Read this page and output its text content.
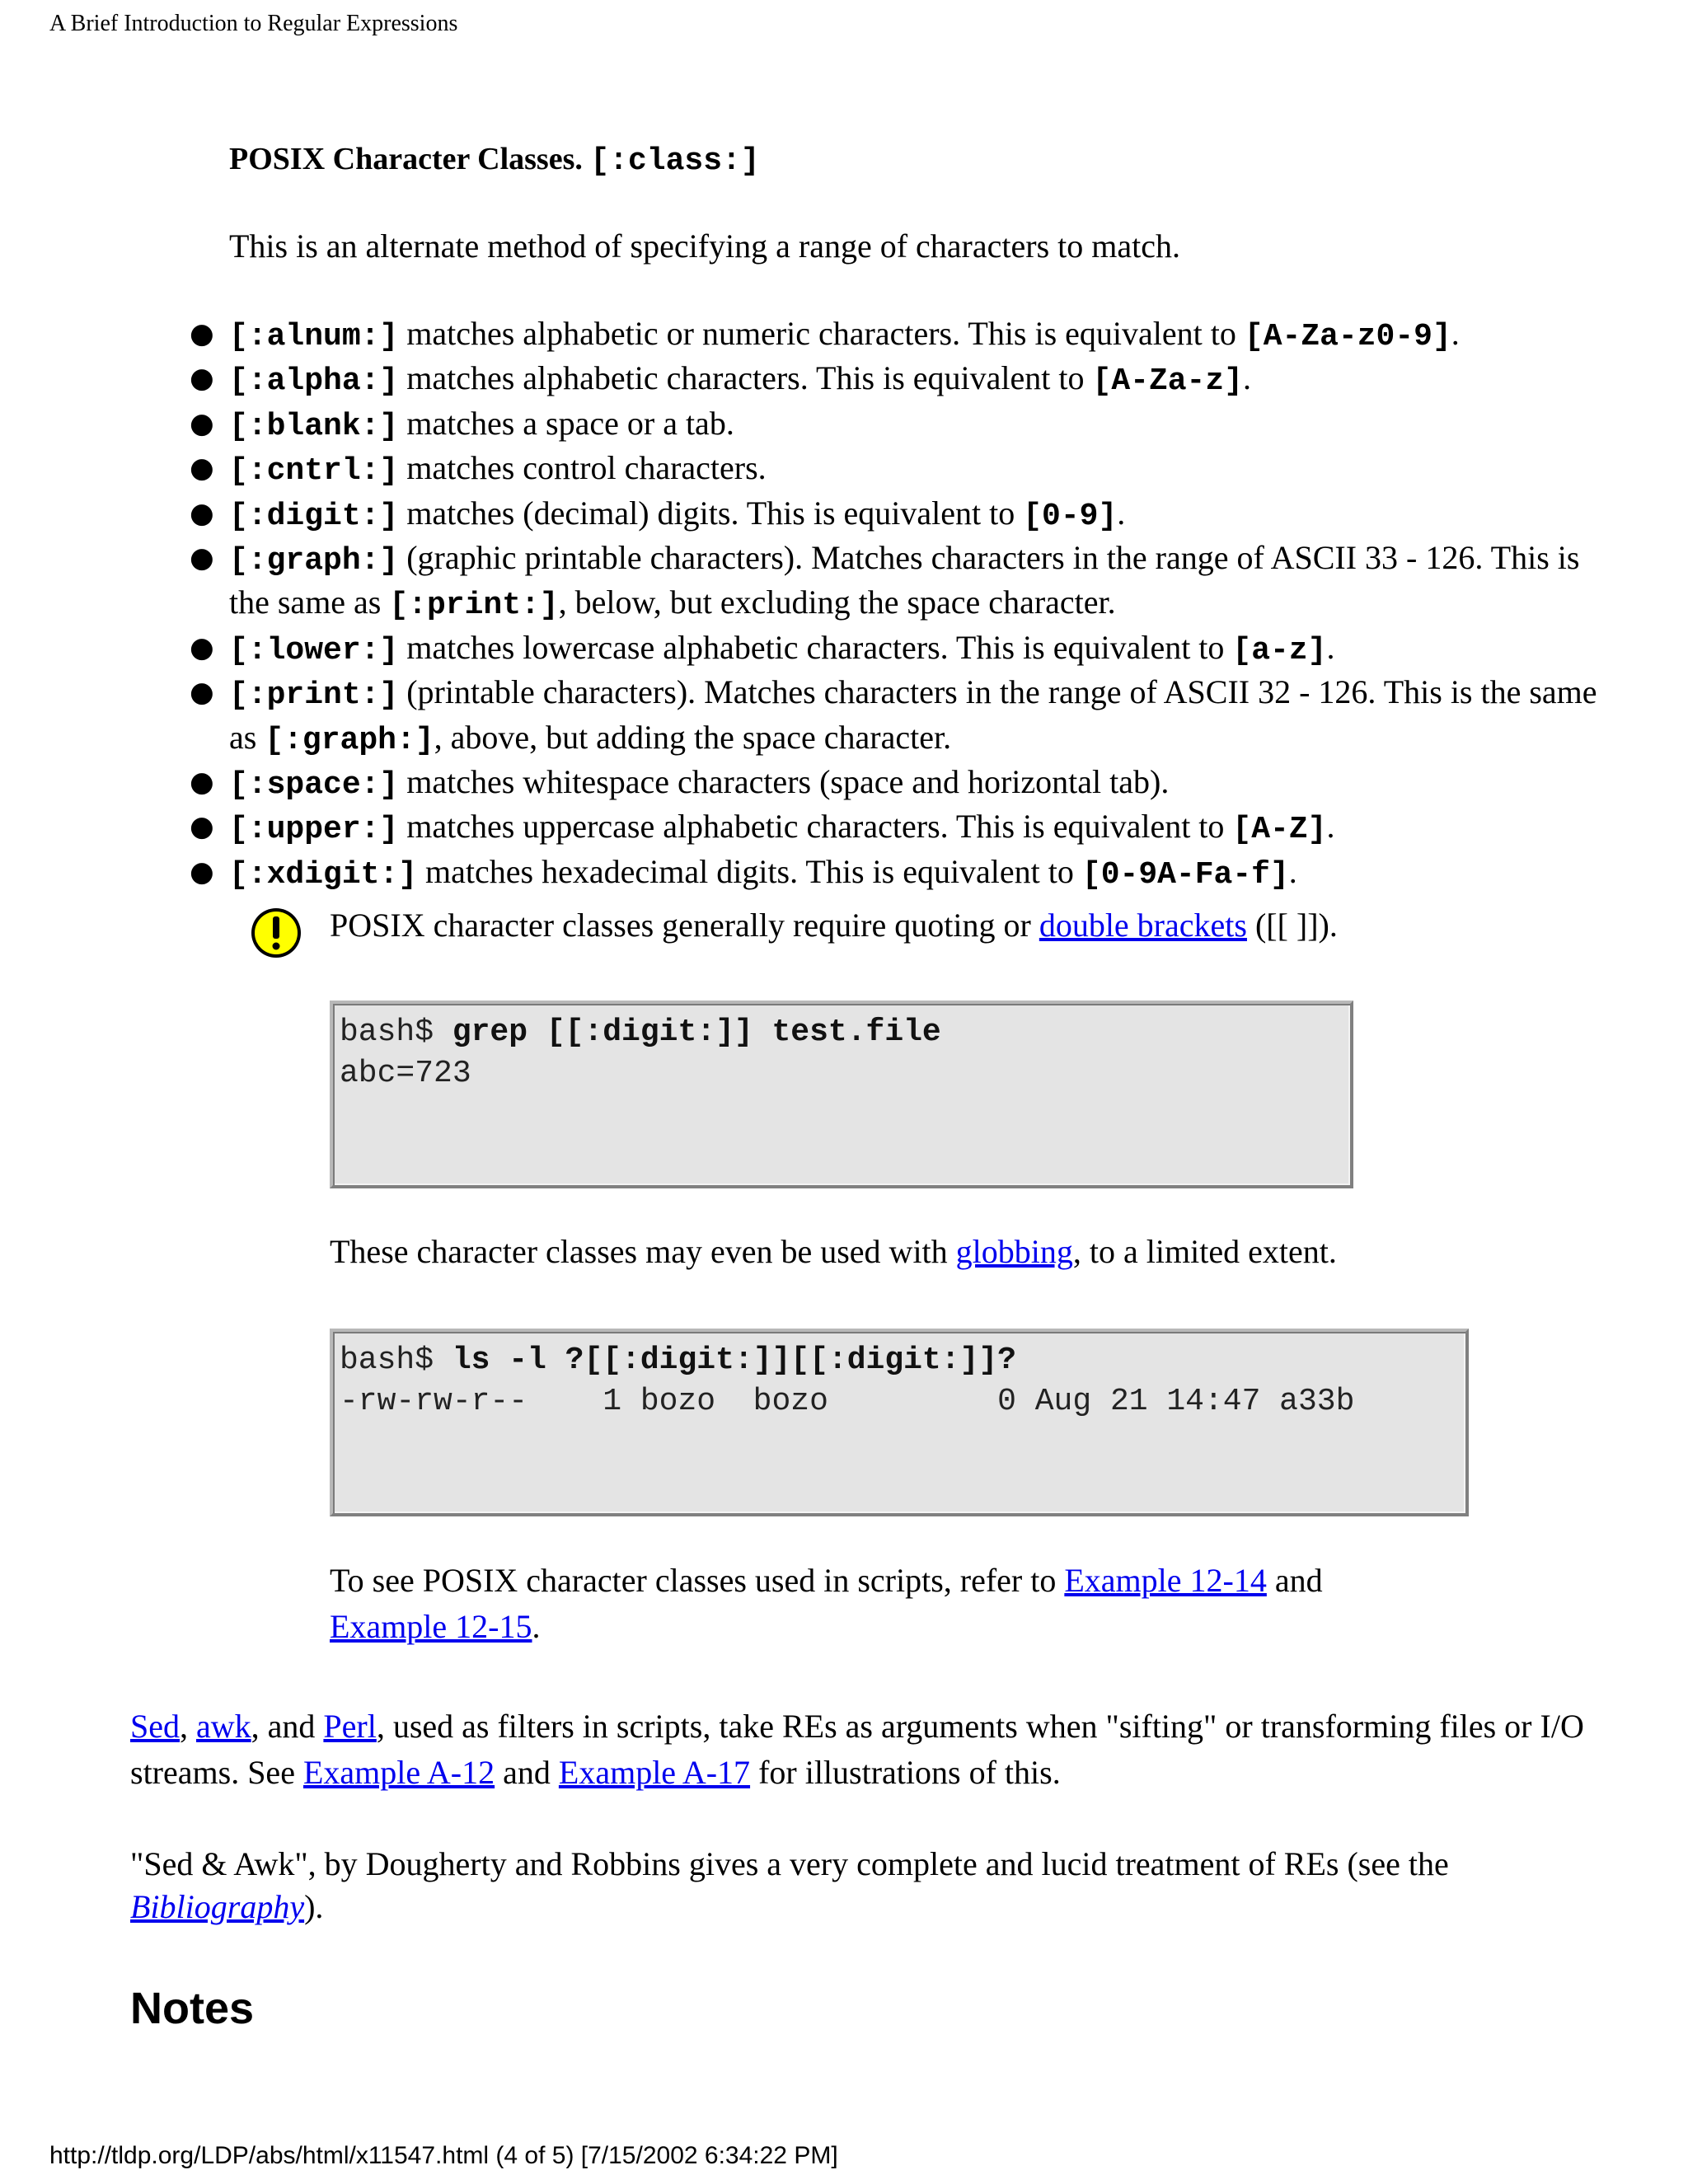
A Brief Introduction to Regular Expressions
POSIX Character Classes. [:class:]
This is an alternate method of specifying a range of characters to match.
● [:alnum:] matches alphabetic or numeric characters. This is equivalent to [A-Za-z0-9].
● [:alpha:] matches alphabetic characters. This is equivalent to [A-Za-z].
● [:blank:] matches a space or a tab.
● [:cntrl:] matches control characters.
● [:digit:] matches (decimal) digits. This is equivalent to [0-9].
● [:graph:] (graphic printable characters). Matches characters in the range of ASCII 33 - 126. This is the same as [:print:], below, but excluding the space character.
● [:lower:] matches lowercase alphabetic characters. This is equivalent to [a-z].
● [:print:] (printable characters). Matches characters in the range of ASCII 32 - 126. This is the same as [:graph:], above, but adding the space character.
● [:space:] matches whitespace characters (space and horizontal tab).
● [:upper:] matches uppercase alphabetic characters. This is equivalent to [A-Z].
● [:xdigit:] matches hexadecimal digits. This is equivalent to [0-9A-Fa-f].
POSIX character classes generally require quoting or double brackets ([[ ]]).
bash$ grep [[:digit:]] test.file
abc=723
These character classes may even be used with globbing, to a limited extent.
bash$ ls -l ?[[:digit:]][[:digit:]]?
-rw-rw-r--    1 bozo  bozo         0 Aug 21 14:47 a33b
To see POSIX character classes used in scripts, refer to Example 12-14 and
Example 12-15.
Sed, awk, and Perl, used as filters in scripts, take REs as arguments when "sifting" or transforming files or I/O streams. See Example A-12 and Example A-17 for illustrations of this.
"Sed & Awk", by Dougherty and Robbins gives a very complete and lucid treatment of REs (see the
Bibliography).
Notes
http://tldp.org/LDP/abs/html/x11547.html (4 of 5) [7/15/2002 6:34:22 PM]
